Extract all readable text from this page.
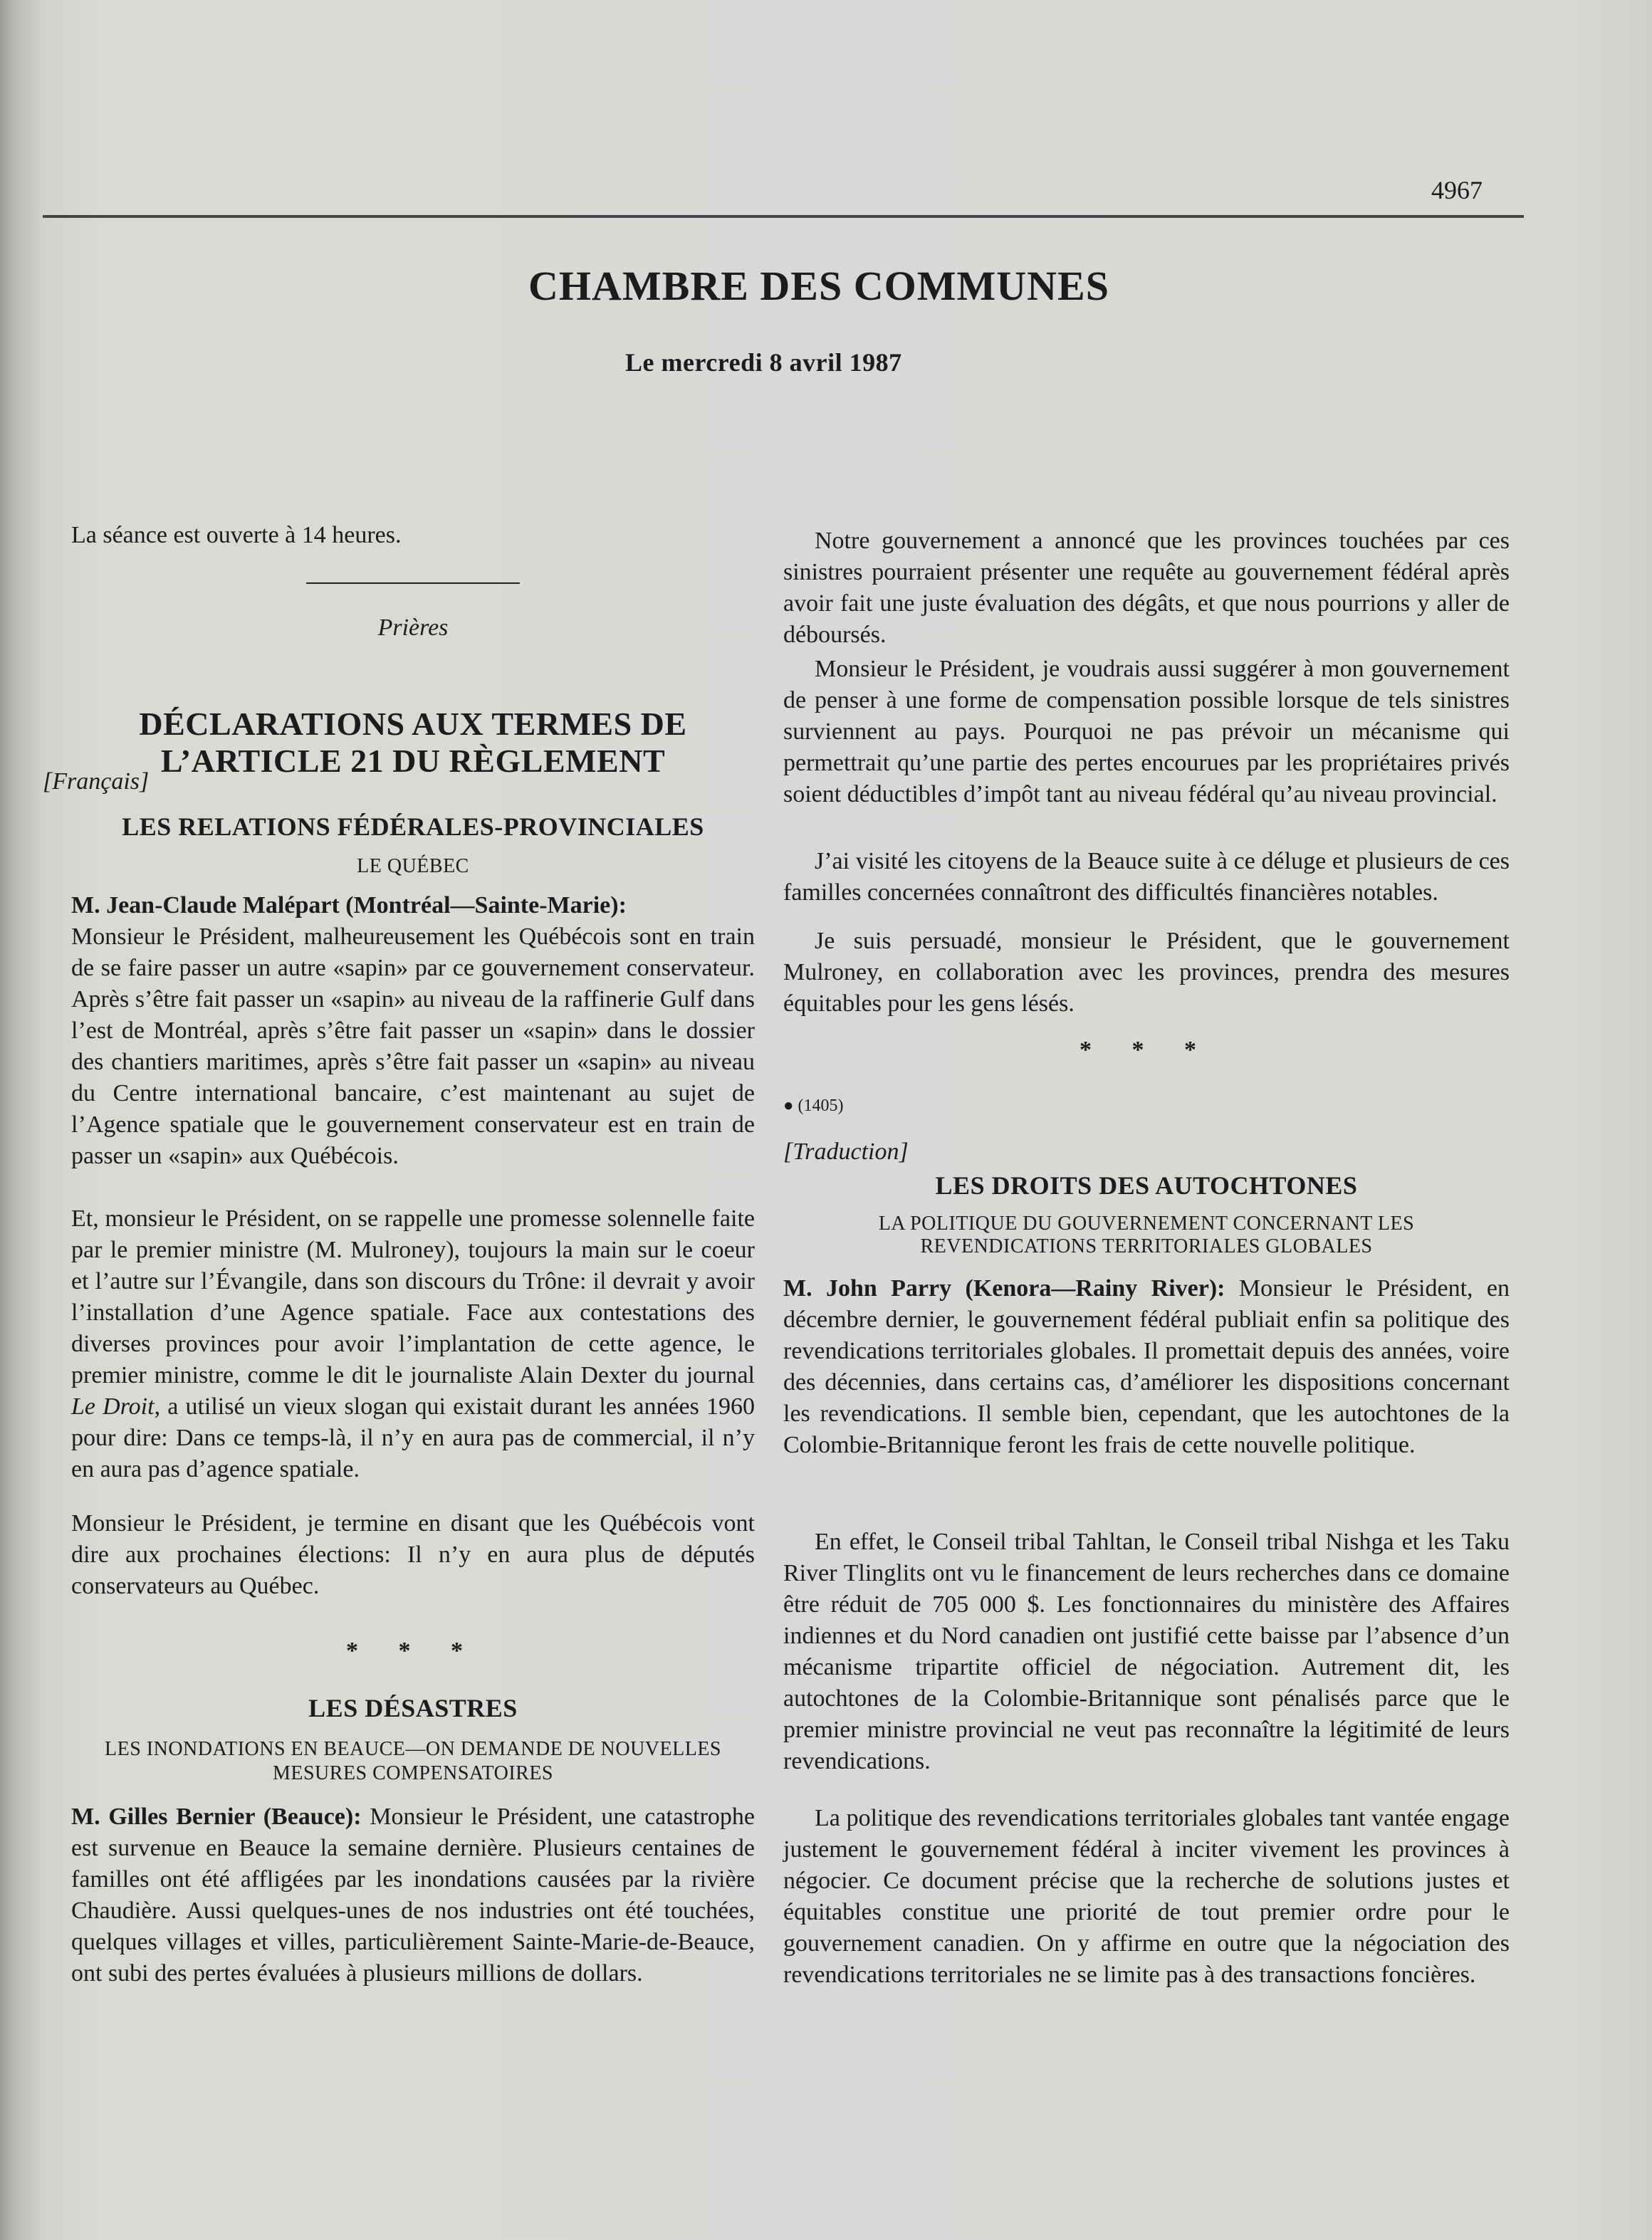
4967
CHAMBRE DES COMMUNES
Le mercredi 8 avril 1987

La séance est ouverte à 14 heures.

Prières

DÉCLARATIONS AUX TERMES DE
L’ARTICLE 21 DU RÈGLEMENT

[Français]

LES RELATIONS FÉDÉRALES-PROVINCIALES
LE QUÉBEC

M. Jean-Claude Malépart (Montréal—Sainte-Marie):

Monsieur le Président, malheureusement les Québécois sont en train de se faire passer un autre «sapin» par ce gouvernement conservateur. Après s’être fait passer un «sapin» au niveau de la raffinerie Gulf dans l’est de Montréal, après s’être fait passer un «sapin» dans le dossier des chantiers maritimes, après s’être fait passer un «sapin» au niveau du Centre international bancaire, c’est maintenant au sujet de l’Agence spatiale que le gouvernement conservateur est en train de passer un «sapin» aux Québécois.

Et, monsieur le Président, on se rappelle une promesse solennelle faite par le premier ministre (M. Mulroney), toujours la main sur le coeur et l’autre sur l’Évangile, dans son discours du Trône: il devrait y avoir l’installation d’une Agence spatiale. Face aux contestations des diverses provinces pour avoir l’implantation de cette agence, le premier ministre, comme le dit le journaliste Alain Dexter du journal Le Droit, a utilisé un vieux slogan qui existait durant les années 1960 pour dire: Dans ce temps-là, il n’y en aura pas de commercial, il n’y en aura pas d’agence spatiale.

Monsieur le Président, je termine en disant que les Québécois vont dire aux prochaines élections: Il n’y en aura plus de députés conservateurs au Québec.

* * *
LES DÉSASTRES
LES INONDATIONS EN BEAUCE—ON DEMANDE DE NOUVELLES
MESURES COMPENSATOIRES

M. Gilles Bernier (Beauce): Monsieur le Président, une catastrophe est survenue en Beauce la semaine dernière. Plusieurs centaines de familles ont été affligées par les inondations causées par la rivière Chaudière. Aussi quelques-unes de nos industries ont été touchées, quelques villages et villes, particulièrement Sainte-Marie-de-Beauce, ont subi des pertes évaluées à plusieurs millions de dollars.

Notre gouvernement a annoncé que les provinces touchées par ces sinistres pourraient présenter une requête au gouvernement fédéral après avoir fait une juste évaluation des dégâts, et que nous pourrions y aller de déboursés.

Monsieur le Président, je voudrais aussi suggérer à mon gouvernement de penser à une forme de compensation possible lorsque de tels sinistres surviennent au pays. Pourquoi ne pas prévoir un mécanisme qui permettrait qu’une partie des pertes encourues par les propriétaires privés soient déductibles d’impôt tant au niveau fédéral qu’au niveau provincial.

J’ai visité les citoyens de la Beauce suite à ce déluge et plusieurs de ces familles concernées connaîtront des difficultés financières notables.

Je suis persuadé, monsieur le Président, que le gouvernement Mulroney, en collaboration avec les provinces, prendra des mesures équitables pour les gens lésés.

* * *
● (1405)

[Traduction]

LES DROITS DES AUTOCHTONES
LA POLITIQUE DU GOUVERNEMENT CONCERNANT LES
REVENDICATIONS TERRITORIALES GLOBALES

M. John Parry (Kenora—Rainy River): Monsieur le Président, en décembre dernier, le gouvernement fédéral publiait enfin sa politique des revendications territoriales globales. Il promettait depuis des années, voire des décennies, dans certains cas, d’améliorer les dispositions concernant les revendications. Il semble bien, cependant, que les autochtones de la Colombie-Britannique feront les frais de cette nouvelle politique.

En effet, le Conseil tribal Tahltan, le Conseil tribal Nishga et les Taku River Tlinglits ont vu le financement de leurs recherches dans ce domaine être réduit de 705 000 $. Les fonctionnaires du ministère des Affaires indiennes et du Nord canadien ont justifié cette baisse par l’absence d’un mécanisme tripartite officiel de négociation. Autrement dit, les autochtones de la Colombie-Britannique sont pénalisés parce que le premier ministre provincial ne veut pas reconnaître la légitimité de leurs revendications.

La politique des revendications territoriales globales tant vantée engage justement le gouvernement fédéral à inciter vivement les provinces à négocier. Ce document précise que la recherche de solutions justes et équitables constitue une priorité de tout premier ordre pour le gouvernement canadien. On y affirme en outre que la négociation des revendications territoriales ne se limite pas à des transactions foncières.
